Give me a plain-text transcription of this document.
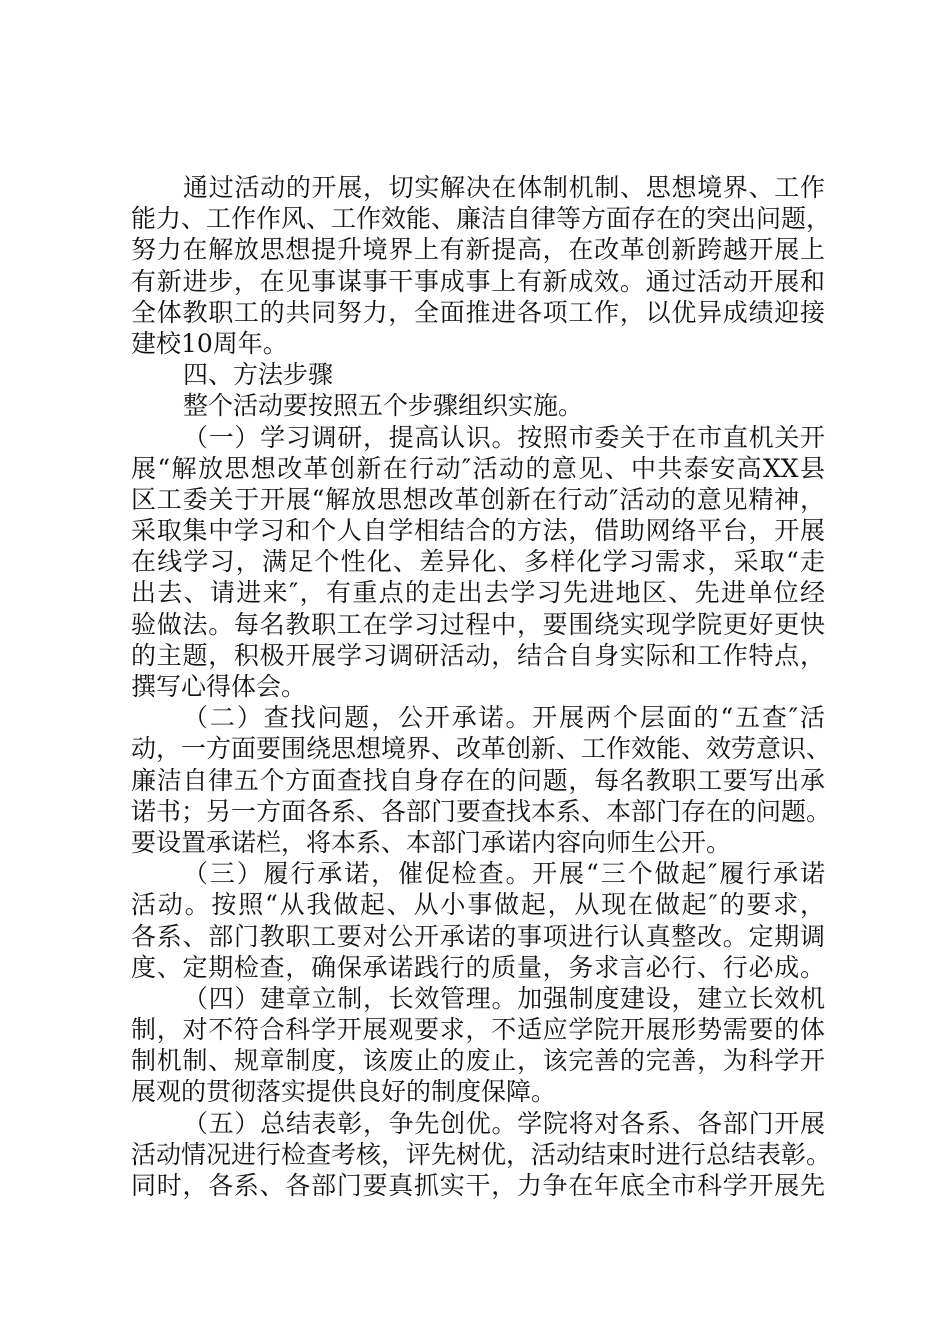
通过活动的开展，切实解决在体制机制、思想境界、工作
能力、工作作风、工作效能、廉洁自律等方面存在的突出问题，
努力在解放思想提升境界上有新提高，在改革创新跨越开展上
有新进步，在见事谋事干事成事上有新成效。通过活动开展和
全体教职工的共同努力，全面推进各项工作，以优异成绩迎接
建校10周年。
四、方法步骤
整个活动要按照五个步骤组织实施。
（一）学习调研，提高认识。按照市委关于在市直机关开
展“解放思想改革创新在行动″活动的意见、中共泰安高XX县
区工委关于开展“解放思想改革创新在行动″活动的意见精神，
采取集中学习和个人自学相结合的方法，借助网络平台，开展
在线学习，满足个性化、差异化、多样化学习需求，采取“走
出去、请进来″，有重点的走出去学习先进地区、先进单位经
验做法。每名教职工在学习过程中，要围绕实现学院更好更快
的主题，积极开展学习调研活动，结合自身实际和工作特点，
撰写心得体会。
（二）查找问题，公开承诺。开展两个层面的“五查″活
动，一方面要围绕思想境界、改革创新、工作效能、效劳意识、
廉洁自律五个方面查找自身存在的问题，每名教职工要写出承
诺书；另一方面各系、各部门要查找本系、本部门存在的问题。
要设置承诺栏，将本系、本部门承诺内容向师生公开。
（三）履行承诺，催促检查。开展“三个做起″履行承诺
活动。按照“从我做起、从小事做起，从现在做起″的要求，
各系、部门教职工要对公开承诺的事项进行认真整改。定期调
度、定期检查，确保承诺践行的质量，务求言必行、行必成。
（四）建章立制，长效管理。加强制度建设，建立长效机
制，对不符合科学开展观要求，不适应学院开展形势需要的体
制机制、规章制度，该废止的废止，该完善的完善，为科学开
展观的贯彻落实提供良好的制度保障。
（五）总结表彰，争先创优。学院将对各系、各部门开展
活动情况进行检查考核，评先树优，活动结束时进行总结表彰。
同时，各系、各部门要真抓实干，力争在年底全市科学开展先
